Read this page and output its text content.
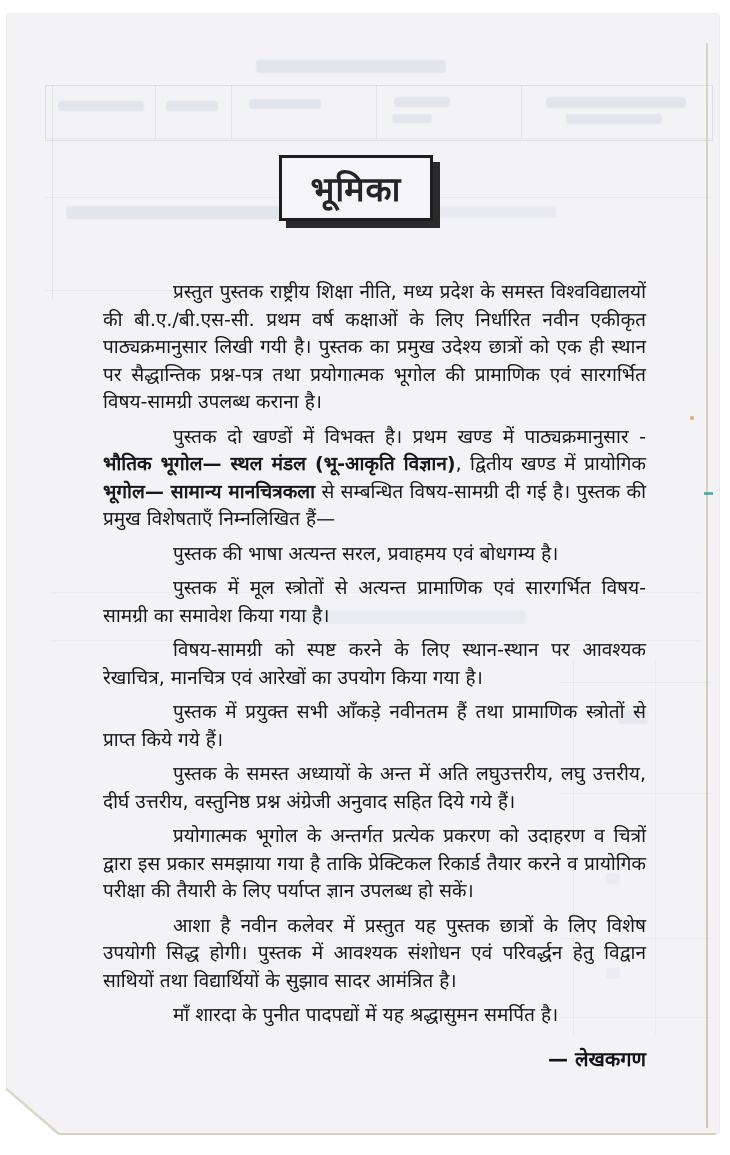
भूमिका

प्रस्तुत पुस्तक राष्ट्रीय शिक्षा नीति, मध्य प्रदेश के समस्त विश्वविद्यालयों की बी.ए./बी.एस-सी. प्रथम वर्ष कक्षाओं के लिए निर्धारित नवीन एकीकृत पाठ्यक्रमानुसार लिखी गयी है। पुस्तक का प्रमुख उदेश्य छात्रों को एक ही स्थान पर सैद्धान्तिक प्रश्न-पत्र तथा प्रयोगात्मक भूगोल की प्रामाणिक एवं सारगर्भित विषय-सामग्री उपलब्ध कराना है।

पुस्तक दो खण्डों में विभक्त है। प्रथम खण्ड में पाठ्यक्रमानुसार - भौतिक भूगोल— स्थल मंडल (भू-आकृति विज्ञान), द्वितीय खण्ड में प्रायोगिक भूगोल— सामान्य मानचित्रकला से सम्बन्धित विषय-सामग्री दी गई है। पुस्तक की प्रमुख विशेषताएँ निम्नलिखित हैं—

पुस्तक की भाषा अत्यन्त सरल, प्रवाहमय एवं बोधगम्य है।

पुस्तक में मूल स्त्रोतों से अत्यन्त प्रामाणिक एवं सारगर्भित विषय-सामग्री का समावेश किया गया है।

विषय-सामग्री को स्पष्ट करने के लिए स्थान-स्थान पर आवश्यक रेखाचित्र, मानचित्र एवं आरेखों का उपयोग किया गया है।

पुस्तक में प्रयुक्त सभी आँकड़े नवीनतम हैं तथा प्रामाणिक स्त्रोतों से प्राप्त किये गये हैं।

पुस्तक के समस्त अध्यायों के अन्त में अति लघुउत्तरीय, लघु उत्तरीय, दीर्घ उत्तरीय, वस्तुनिष्ठ प्रश्न अंग्रेजी अनुवाद सहित दिये गये हैं।

प्रयोगात्मक भूगोल के अन्तर्गत प्रत्येक प्रकरण को उदाहरण व चित्रों द्वारा इस प्रकार समझाया गया है ताकि प्रेक्टिकल रिकार्ड तैयार करने व प्रायोगिक परीक्षा की तैयारी के लिए पर्याप्त ज्ञान उपलब्ध हो सकें।

आशा है नवीन कलेवर में प्रस्तुत यह पुस्तक छात्रों के लिए विशेष उपयोगी सिद्ध होगी। पुस्तक में आवश्यक संशोधन एवं परिवर्द्धन हेतु विद्वान साथियों तथा विद्यार्थियों के सुझाव सादर आमंत्रित है।

माँ शारदा के पुनीत पादपद्यों में यह श्रद्धासुमन समर्पित है।

— लेखकगण
